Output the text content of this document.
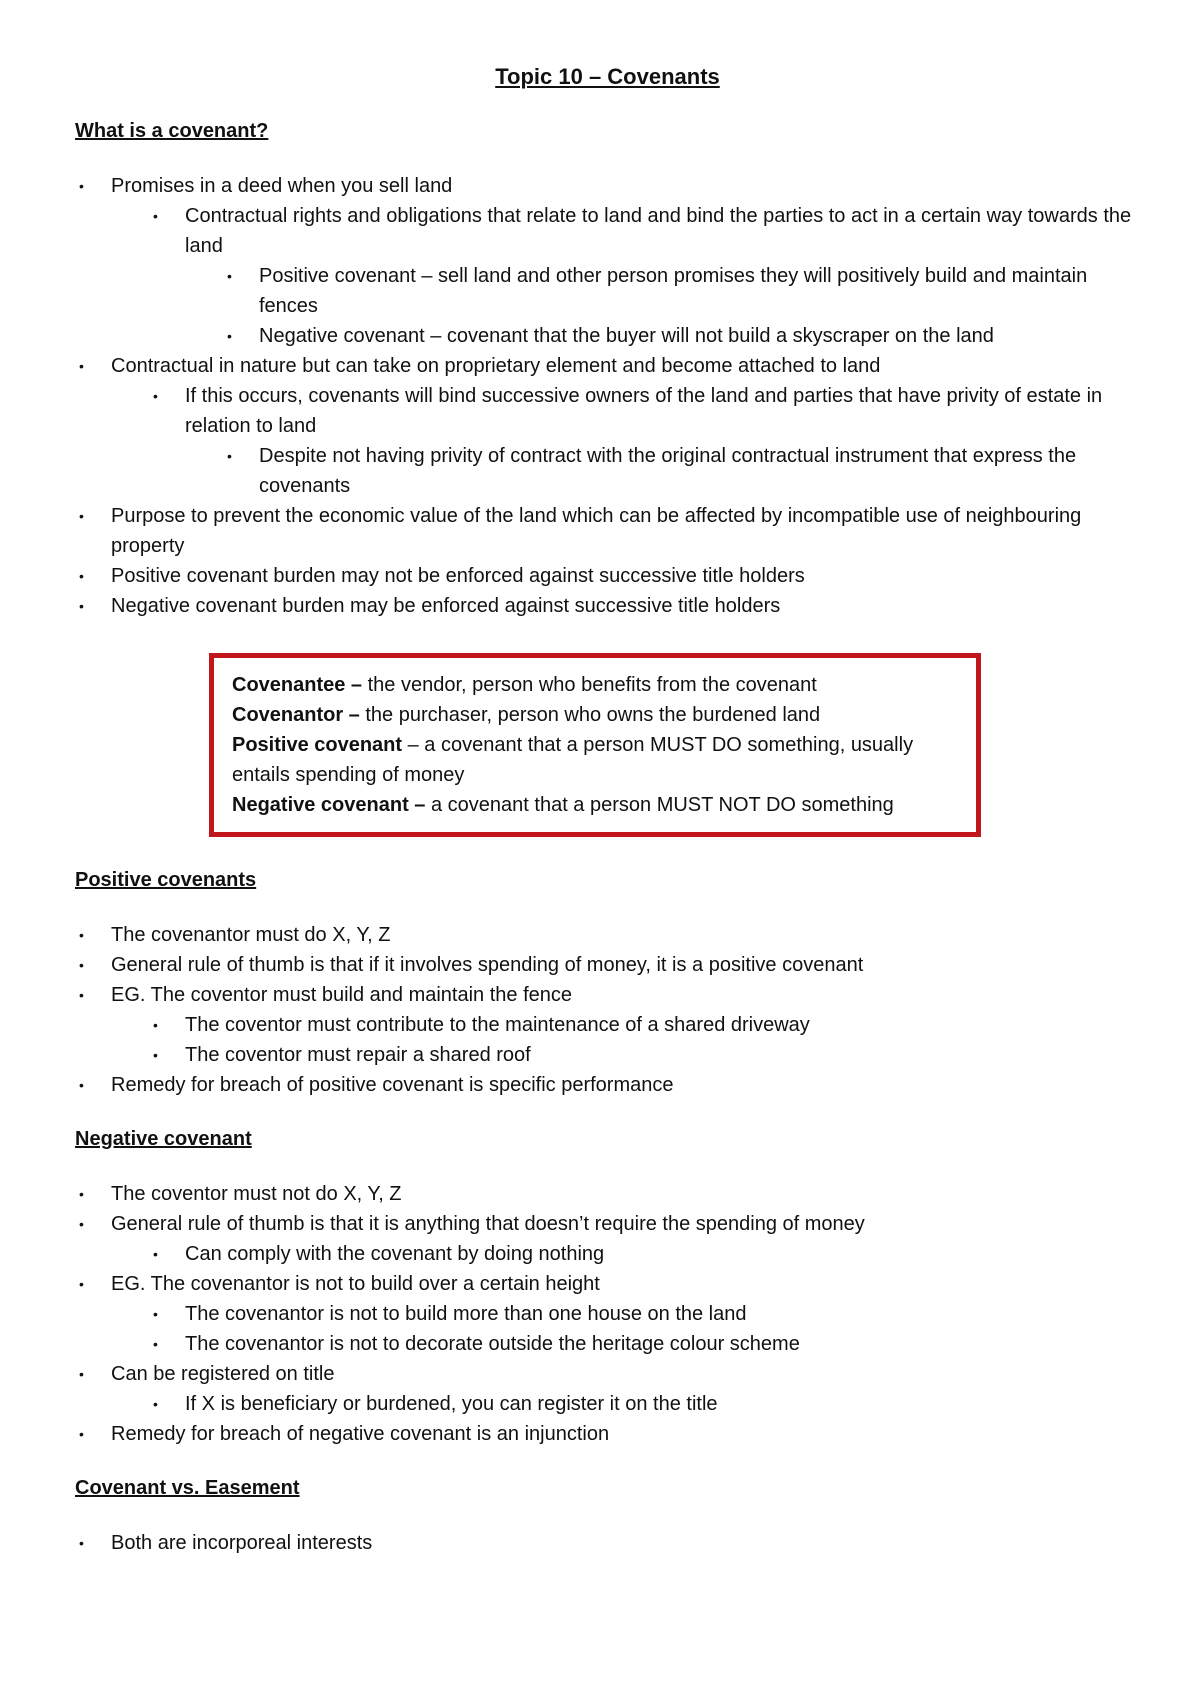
Topic 10 – Covenants
What is a covenant?
• Promises in a deed when you sell land
• Contractual rights and obligations that relate to land and bind the parties to act in a certain way towards the land
• Positive covenant – sell land and other person promises they will positively build and maintain fences
• Negative covenant – covenant that the buyer will not build a skyscraper on the land
• Contractual in nature but can take on proprietary element and become attached to land
• If this occurs, covenants will bind successive owners of the land and parties that have privity of estate in relation to land
• Despite not having privity of contract with the original contractual instrument that express the covenants
• Purpose to prevent the economic value of the land which can be affected by incompatible use of neighbouring property
• Positive covenant burden may not be enforced against successive title holders
• Negative covenant burden may be enforced against successive title holders
Covenantee – the vendor, person who benefits from the covenant
Covenantor – the purchaser, person who owns the burdened land
Positive covenant – a covenant that a person MUST DO something, usually entails spending of money
Negative covenant – a covenant that a person MUST NOT DO something
Positive covenants
• The covenantor must do X, Y, Z
• General rule of thumb is that if it involves spending of money, it is a positive covenant
• EG. The coventor must build and maintain the fence
• The coventor must contribute to the maintenance of a shared driveway
• The coventor must repair a shared roof
• Remedy for breach of positive covenant is specific performance
Negative covenant
• The coventor must not do X, Y, Z
• General rule of thumb is that it is anything that doesn’t require the spending of money
• Can comply with the covenant by doing nothing
• EG. The covenantor is not to build over a certain height
• The covenantor is not to build more than one house on the land
• The covenantor is not to decorate outside the heritage colour scheme
• Can be registered on title
• If X is beneficiary or burdened, you can register it on the title
• Remedy for breach of negative covenant is an injunction
Covenant vs. Easement
• Both are incorporeal interests
